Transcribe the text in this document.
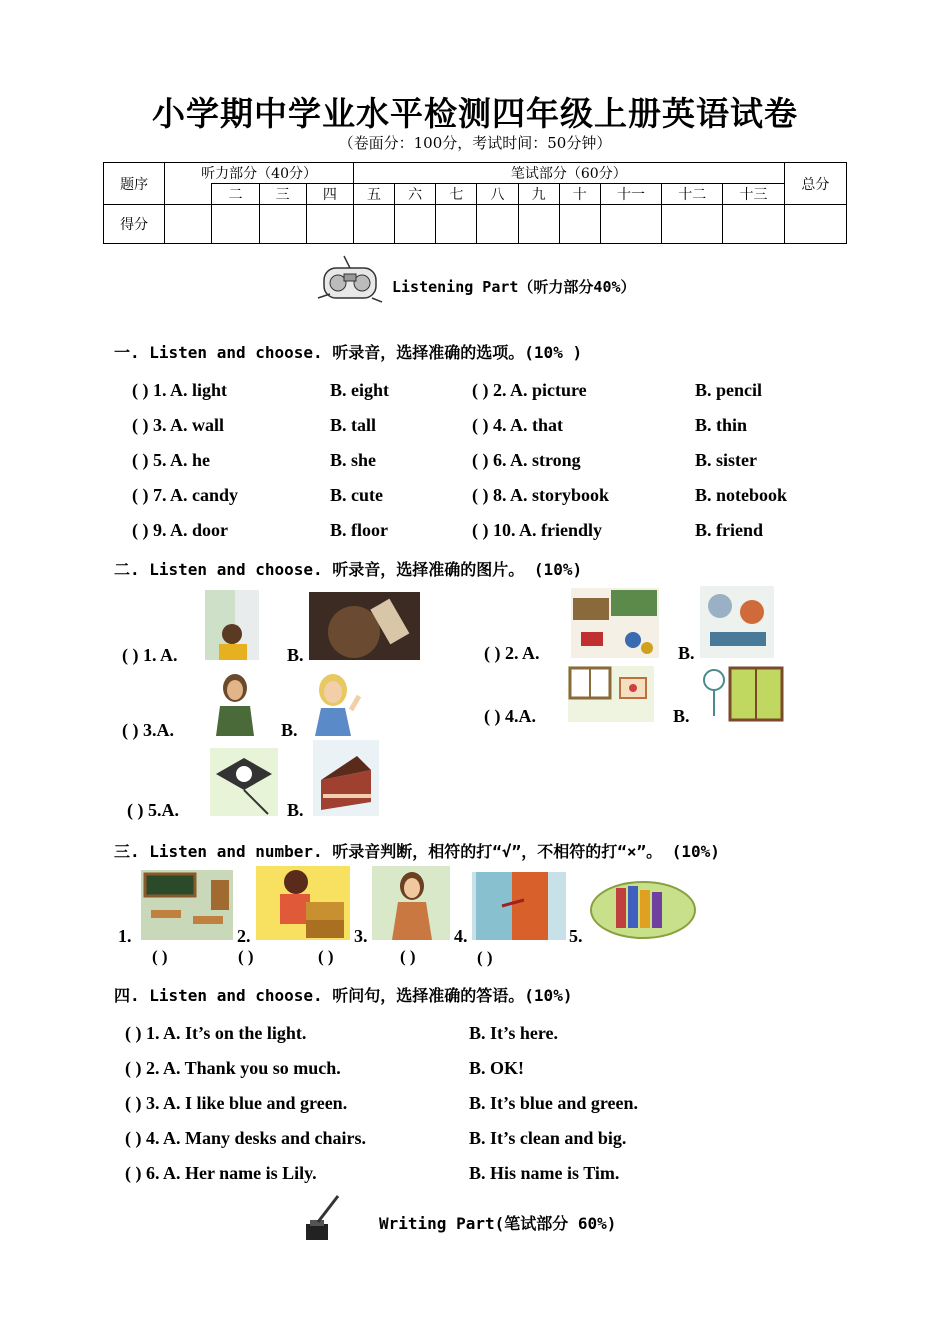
小学期中学业水平检测四年级上册英语试卷
（卷面分：100分，考试时间：50分钟）
题序	听力部分（40分）				笔试部分（60分）									总分
		二	三	四	五	六	七	八	九	十	十一	十二	十三	
得分														
Listening Part（听力部分40%）
一. Listen and choose. 听录音，选择准确的选项。(10% )
( ) 1. A. light	B. eight	( ) 2. A. picture	B. pencil
( ) 3. A. wall	B. tall	( ) 4. A. that	B. thin
( ) 5. A. he	B. she	( ) 6. A. strong	B. sister
( ) 7. A. candy	B. cute	( ) 8. A. storybook	B. notebook
( ) 9. A. door	B. floor	( ) 10. A. friendly	B. friend
二. Listen and choose. 听录音，选择准确的图片。 (10%)
( ) 1. A.	B.	( ) 2. A.	B.
( ) 3.A.	B.
( ) 4.A.	B.
( ) 5.A.	B.
三. Listen and number. 听录音判断，相符的打“√”，不相符的打“×”。 (10%)
1.	2.	3.	4.	5.
( )	( )	( )	( )	( )
四. Listen and choose. 听问句，选择准确的答语。(10%)
( ) 1. A. It’s on the light.	B. It’s here.
( ) 2. A. Thank you so much.	B. OK!
( ) 3. A. I like blue and green.	B. It’s blue and green.
( ) 4. A. Many desks and chairs.	B. It’s clean and big.
( ) 6. A. Her name is Lily.	B. His name is Tim.
Writing Part(笔试部分 60%)
